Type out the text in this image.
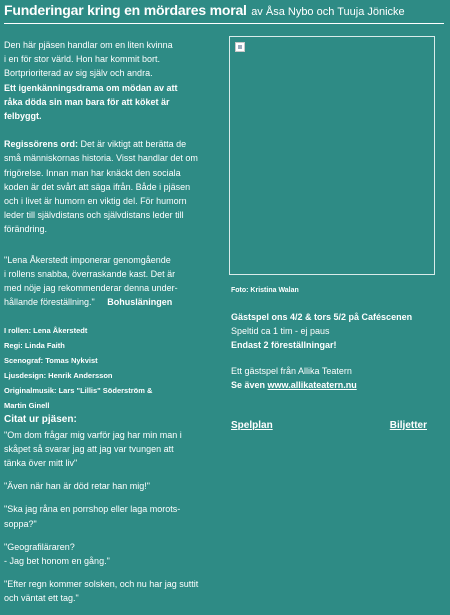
Funderingar kring en mördares moral av Åsa Nybo och Tuuja Jönicke

Den här pjäsen handlar om en liten kvinna

i en för stor värld. Hon har kommit bort.

Bortprioriterad av sig själv och andra.

Ett igenkänningsdrama om mödan av att

råka döda sin man bara för att köket är

felbyggt.

Regissörens ord: Det är viktigt att berätta de

små människornas historia. Visst handlar det om

frigörelse. Innan man har knäckt den sociala

koden är det svårt att säga ifrån. Både i pjäsen

och i livet är humorn en viktig del. För humorn

leder till självdistans och självdistans leder till

förändring.

"Lena Åkerstedt imponerar genomgående

i rollens snabba, överraskande kast. Det är

med nöje jag rekommenderar denna under-

hållande föreställning." Bohusläningen

I rollen: Lena Åkerstedt

Regi: Linda Faith

Scenograf: Tomas Nykvist

Ljusdesign: Henrik Andersson

Originalmusik: Lars "Lillis" Söderström &

Martin Ginell

Citat ur pjäsen:

"Om dom frågar mig varför jag har min man i

skåpet så svarar jag att jag var tvungen att

tänka över mitt liv"

"Även när han är död retar han mig!"

"Ska jag råna en porrshop eller laga morots-

soppa?"

"Geografiläraren?

- Jag bet honom en gång."

"Efter regn kommer solsken, och nu har jag suttit

och väntat ett tag."

Foto: Kristina Walan

Gästspel ons 4/2 & tors 5/2 på Caféscenen

Speltid ca 1 tim - ej paus

Endast 2 föreställningar!

Ett gästspel från Allika Teatern

Se även www.allikateatern.nu

Spelplan	Biljetter
